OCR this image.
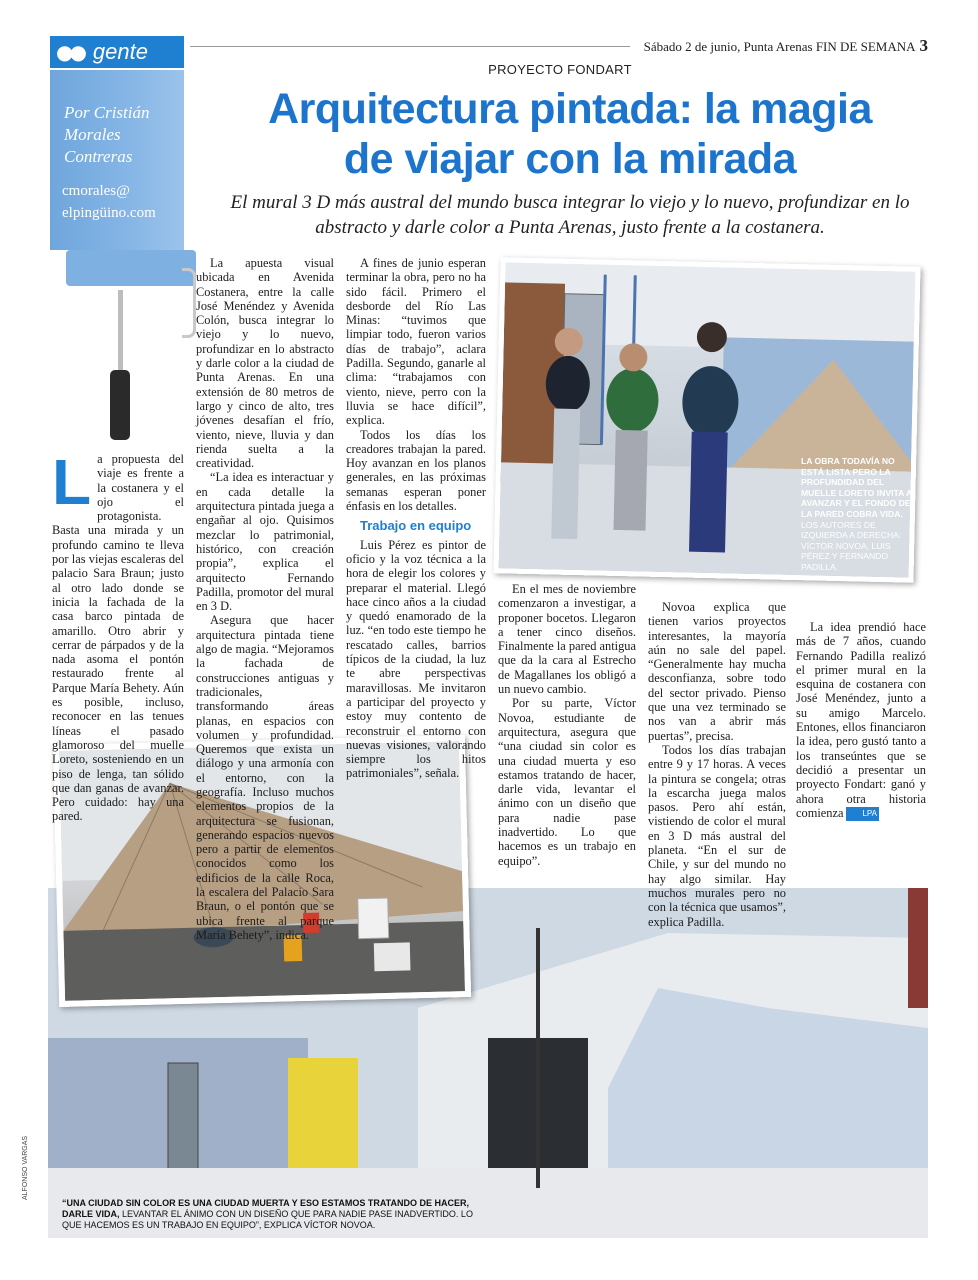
●● gente	Sábado 2 de junio, Punta Arenas FIN DE SEMANA 3
Por Cristián Morales Contreras
cmorales@
elpingüino.com
PROYECTO FONDART
Arquitectura pintada: la magia
de viajar con la mirada
El mural 3 D más austral del mundo busca integrar lo viejo y lo nuevo, profundizar en lo abstracto y darle color a Punta Arenas, justo frente a la costanera.
LA OBRA TODAVÍA NO ESTÁ LISTA PERO LA PROFUNDIDAD DEL MUELLE LORETO INVITA A AVANZAR Y EL FONDO DE LA PARED COBRA VIDA. LOS AUTORES DE IZQUIERDA A DERECHA: VÍCTOR NOVOA, LUIS PÉREZ Y FERNANDO PADILLA.
“UNA CIUDAD SIN COLOR ES UNA CIUDAD MUERTA Y ESO ESTAMOS TRATANDO DE HACER, DARLE VIDA, LEVANTAR EL ÁNIMO CON UN DISEÑO QUE PARA NADIE PASE INADVERTIDO. LO QUE HACEMOS ES UN TRABAJO EN EQUIPO”, EXPLICA VÍCTOR NOVOA.
ALFONSO VARGAS

La propuesta del viaje es frente a la costanera y el ojo el protagonista. Basta una mirada y un profundo camino te lleva por las viejas escaleras del palacio Sara Braun; justo al otro lado donde se inicia la fachada de la casa barco pintada de amarillo. Otro abrir y cerrar de párpados y de la nada asoma el pontón restaurado frente al Parque María Behety. Aún es posible, incluso, reconocer en las tenues líneas el pasado glamoroso del muelle Loreto, sosteniendo en un piso de lenga, tan sólido que dan ganas de avanzar. Pero cuidado: hay una pared.

La apuesta visual ubicada en Avenida Costanera, entre la calle José Menéndez y Avenida Colón, busca integrar lo viejo y lo nuevo, profundizar en lo abstracto y darle color a la ciudad de Punta Arenas. En una extensión de 80 metros de largo y cinco de alto, tres jóvenes desafían el frío, viento, nieve, lluvia y dan rienda suelta a la creatividad.

“La idea es interactuar y en cada detalle la arquitectura pintada juega a engañar al ojo. Quisimos mezclar lo patrimonial, histórico, con creación propia”, explica el arquitecto Fernando Padilla, promotor del mural en 3 D.

Asegura que hacer arquitectura pintada tiene algo de magia. “Mejoramos la fachada de construcciones antiguas y tradicionales, transformando áreas planas, en espacios con volumen y profundidad. Queremos que exista un diálogo y una armonía con el entorno, con la geografía. Incluso muchos elementos propios de la arquitectura se fusionan, generando espacios nuevos pero a partir de elementos conocidos como los edificios de la calle Roca, la escalera del Palacio Sara Braun, o el pontón que se ubica frente al parque María Behety”, indica.

A fines de junio esperan terminar la obra, pero no ha sido fácil. Primero el desborde del Río Las Minas: “tuvimos que limpiar todo, fueron varios días de trabajo”, aclara Padilla. Segundo, ganarle al clima: “trabajamos con viento, nieve, perro con la lluvia se hace difícil”, explica.

Todos los días los creadores trabajan la pared. Hoy avanzan en los planos generales, en las próximas semanas esperan poner énfasis en los detalles.

Trabajo en equipo

Luis Pérez es pintor de oficio y la voz técnica a la hora de elegir los colores y preparar el material. Llegó hace cinco años a la ciudad y quedó enamorado de la luz. “en todo este tiempo he rescatado calles, barrios típicos de la ciudad, la luz te abre perspectivas maravillosas. Me invitaron a participar del proyecto y estoy muy contento de reconstruir el entorno con nuevas visiones, valorando siempre los hitos patrimoniales”, señala.

En el mes de noviembre comenzaron a investigar, a proponer bocetos. Llegaron a tener cinco diseños. Finalmente la pared antigua que da la cara al Estrecho de Magallanes los obligó a un nuevo cambio.

Por su parte, Víctor Novoa, estudiante de arquitectura, asegura que “una ciudad sin color es una ciudad muerta y eso estamos tratando de hacer, darle vida, levantar el ánimo con un diseño que para nadie pase inadvertido. Lo que hacemos es un trabajo en equipo”.

Novoa explica que tienen varios proyectos interesantes, la mayoría aún no sale del papel. “Generalmente hay mucha desconfianza, sobre todo del sector privado. Pienso que una vez terminado se nos van a abrir más puertas”, precisa.

Todos los días trabajan entre 9 y 17 horas. A veces la pintura se congela; otras la escarcha juega malos pasos. Pero ahí están, vistiendo de color el mural en 3 D más austral del planeta. “En el sur de Chile, y sur del mundo no hay algo similar. Hay muchos murales pero no con la técnica que usamos”, explica Padilla.

La idea prendió hace más de 7 años, cuando Fernando Padilla realizó el primer mural en la esquina de costanera con José Menéndez, junto a su amigo Marcelo. Entones, ellos financiaron la idea, pero gustó tanto a los transeúntes que se decidió a presentar un proyecto Fondart: ganó y ahora otra historia comienza LPA
